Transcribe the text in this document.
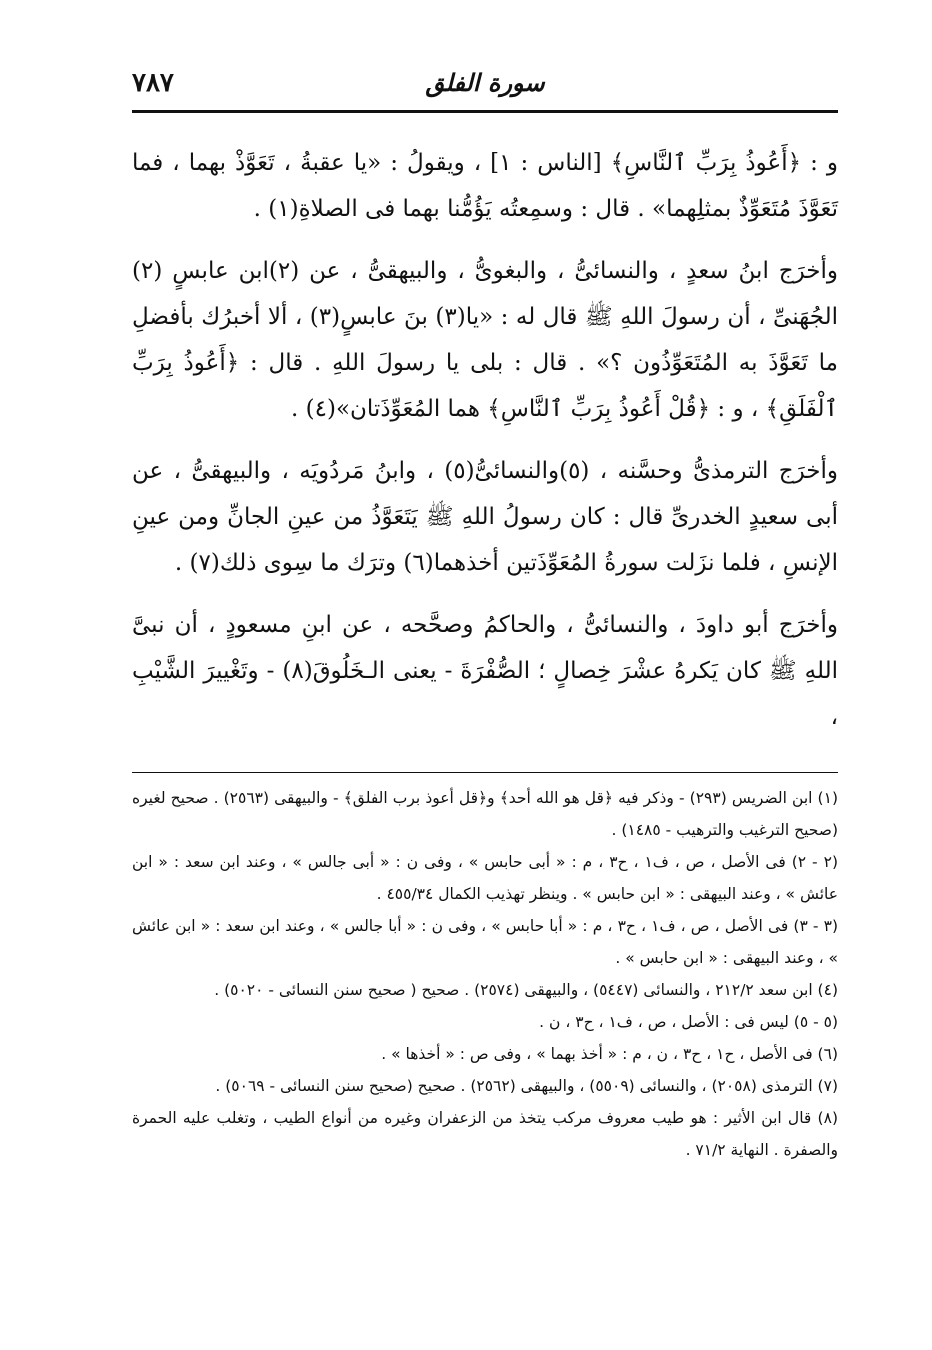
٧٨٧	سورة الفلق

و : ﴿أَعُوذُ بِرَبِّ ٱلنَّاسِ﴾ [الناس : ١] ، ويقولُ : «يا عقبةُ ، تَعَوَّذْ بهما ، فما تَعَوَّذَ مُتَعَوِّذٌ بمثلِهما» . قال : وسمِعتُه يَؤُمُّنا بهما فى الصلاةِ(١) .

وأخرَج ابنُ سعدٍ ، والنسائىُّ ، والبغوىُّ ، والبيهقىُّ ، عن (٢)ابن عابسٍ (٢) الجُهَنىِّ ، أن رسولَ اللهِ ﷺ قال له : «يا(٣) بنَ عابسٍ(٣) ، ألا أخبرُك بأفضلِ ما تَعَوَّذَ به المُتَعَوِّذُون ؟» . قال : بلى يا رسولَ اللهِ . قال : ﴿أَعُوذُ بِرَبِّ ٱلْفَلَقِ﴾ ، و : ﴿قُلْ أَعُوذُ بِرَبِّ ٱلنَّاسِ﴾ هما المُعَوِّذَتان»(٤) .

وأخرَج الترمذىُّ وحسَّنه ، (٥)والنسائىُّ(٥) ، وابنُ مَردُويَه ، والبيهقىُّ ، عن أبى سعيدٍ الخدرىِّ قال : كان رسولُ اللهِ ﷺ يَتَعَوَّذُ من عينِ الجانِّ ومن عينِ الإنسِ ، فلما نزَلت سورةُ المُعَوِّذَتين أخذهما(٦) وترَك ما سِوى ذلك(٧) .

وأخرَج أبو داودَ ، والنسائىُّ ، والحاكمُ وصحَّحه ، عن ابنِ مسعودٍ ، أن نبىَّ اللهِ ﷺ كان يَكرهُ عشْرَ خِصالٍ ؛ الصُّفْرَةَ - يعنى الـخَلُوقَ(٨) - وتَغْييرَ الشَّيْبِ ،

(١) ابن الضريس (٢٩٣) - وذكر فيه ﴿قل هو الله أحد﴾ و﴿قل أعوذ برب الفلق﴾ - والبيهقى (٢٥٦٣) . صحيح لغيره (صحيح الترغيب والترهيب - ١٤٨٥) .

(٢ - ٢) فى الأصل ، ص ، ف١ ، ح٣ ، م : « أبى حابس » ، وفى ن : « أبى جالس » ، وعند ابن سعد : « ابن عائش » ، وعند البيهقى : « ابن حابس » . وينظر تهذيب الكمال ٤٥٥/٣٤ .

(٣ - ٣) فى الأصل ، ص ، ف١ ، ح٣ ، م : « أبا حابس » ، وفى ن : « أبا جالس » ، وعند ابن سعد : « ابن عائش » ، وعند البيهقى : « ابن حابس » .

(٤) ابن سعد ٢١٢/٢ ، والنسائى (٥٤٤٧) ، والبيهقى (٢٥٧٤) . صحيح ( صحيح سنن النسائى - ٥٠٢٠) .

(٥ - ٥) ليس فى : الأصل ، ص ، ف١ ، ح٣ ، ن .

(٦) فى الأصل ، ح١ ، ح٣ ، ن ، م : « أخذ بهما » ، وفى ص : « أخذها » .

(٧) الترمذى (٢٠٥٨) ، والنسائى (٥٥٠٩) ، والبيهقى (٢٥٦٢) . صحيح (صحيح سنن النسائى - ٥٠٦٩) .

(٨) قال ابن الأثير : هو طيب معروف مركب يتخذ من الزعفران وغيره من أنواع الطيب ، وتغلب عليه الحمرة والصفرة . النهاية ٧١/٢ .
